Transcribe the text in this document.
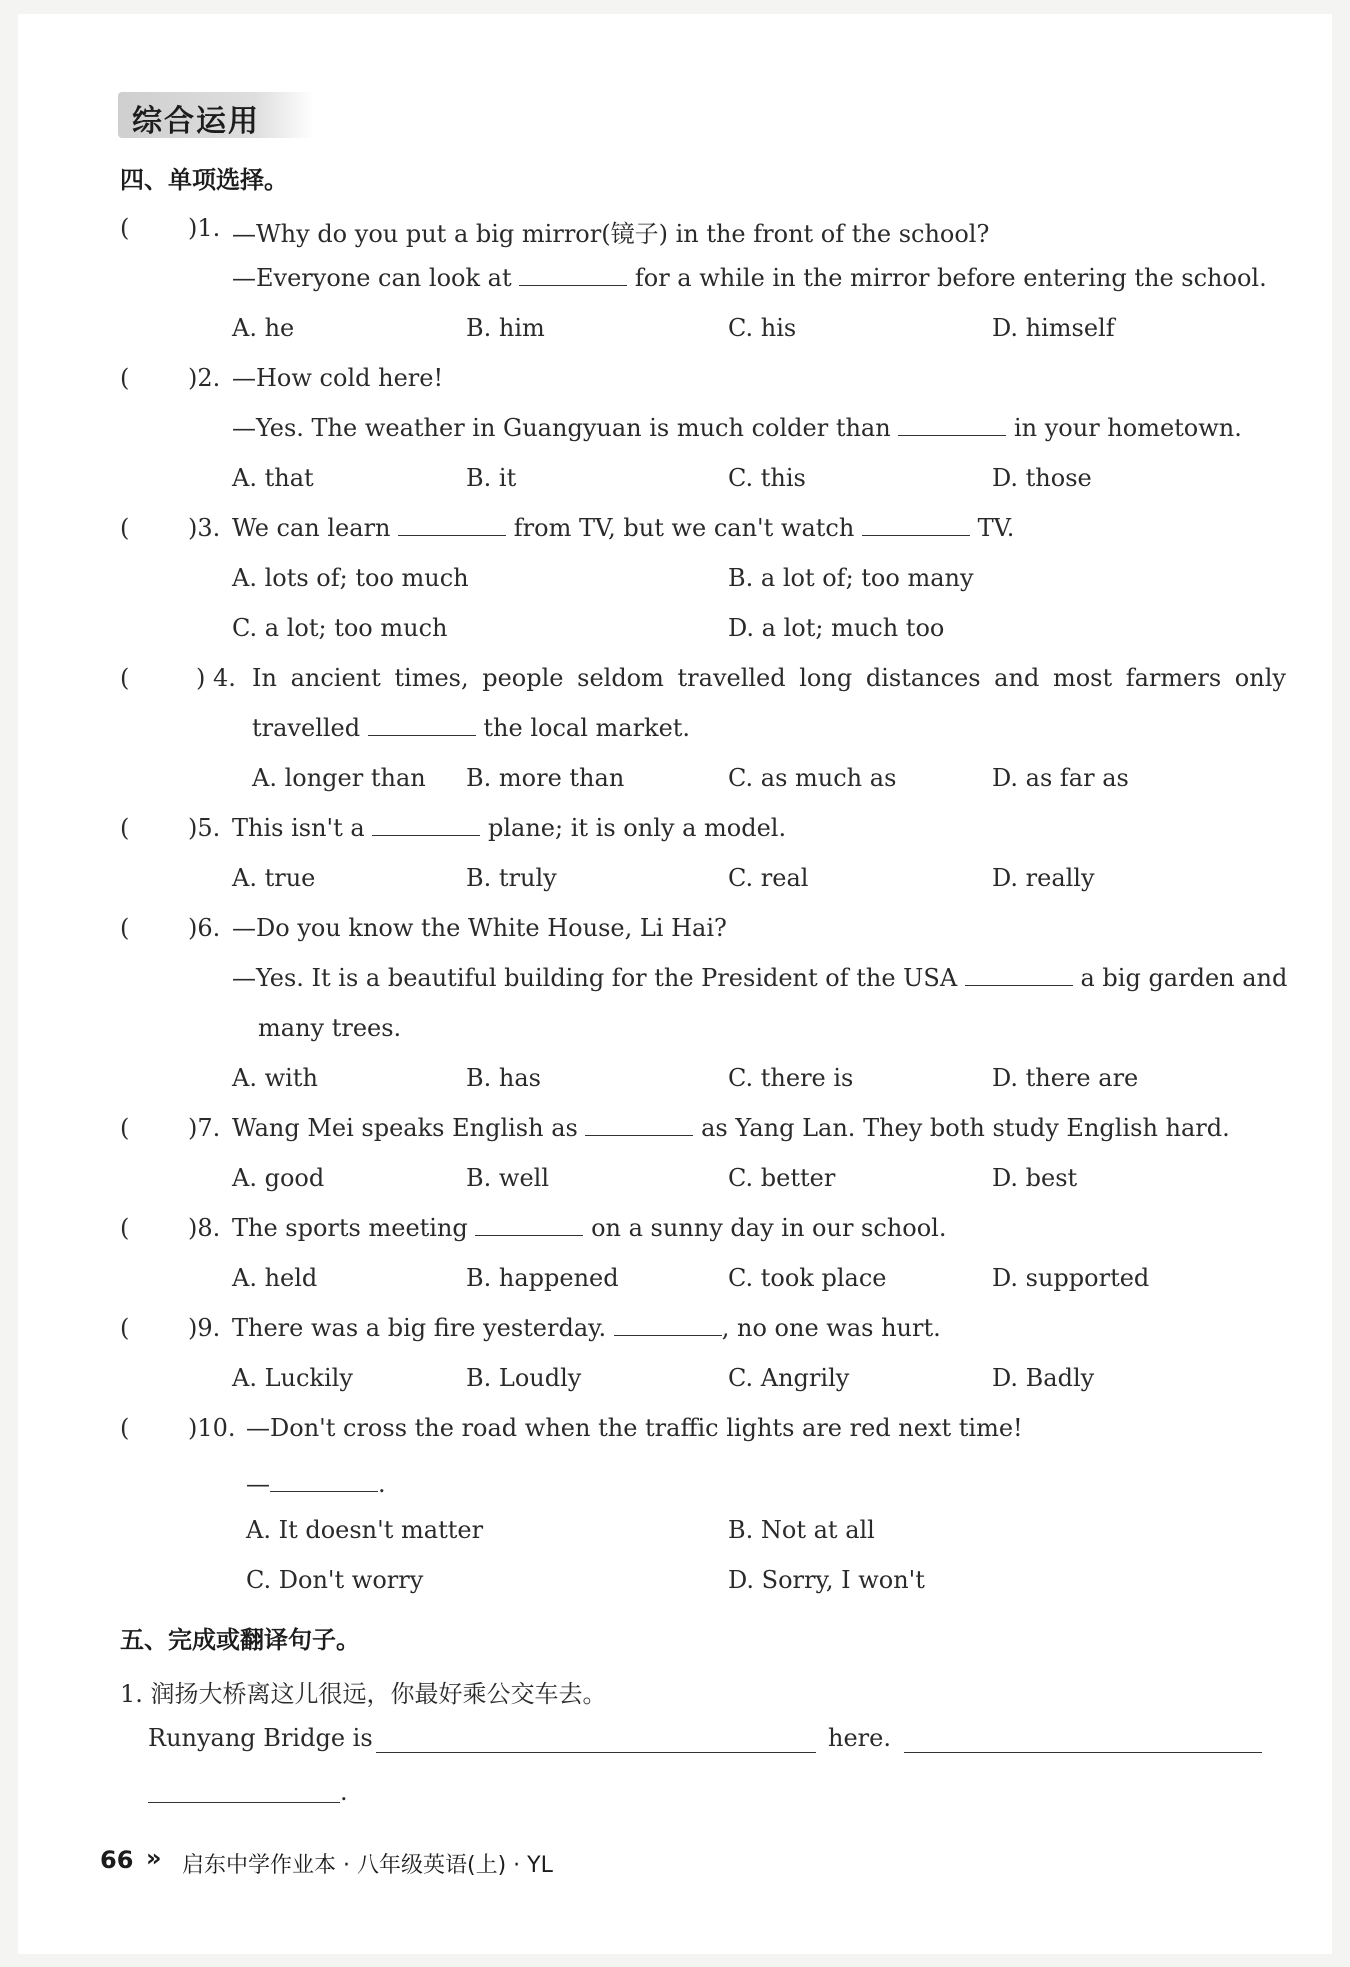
综合运用
四、单项选择。
( )1. —Why do you put a big mirror(镜子) in the front of the school?
—Everyone can look at	for a while in the mirror before entering the school.
A. he	B. him	C. his	D. himself
( )2. —How cold here!
—Yes. The weather in Guangyuan is much colder than	in your hometown.
A. that	B. it	C. this	D. those
( )3. We can learn	from TV, but we can't watch	TV.
A. lots of; too much	B. a lot of; too many
C. a lot; too much	D. a lot; much too
(	) 4. In ancient times, people seldom travelled long distances and most farmers only
travelled	the local market.
A. longer than B. more than	C. as much as	D. as far as
( )5. This isn't a	plane; it is only a model.
A. true	B. truly	C. real	D. really
( )6. —Do you know the White House, Li Hai?
—Yes. It is a beautiful building for the President of the USA	a big garden and
many trees.
A. with	B. has	C. there is	D. there are
( )7. Wang Mei speaks English as	as Yang Lan. They both study English hard.
A. good	B. well	C. better	D. best
( )8. The sports meeting	on a sunny day in our school.
A. held	B. happened	C. took place	D. supported
( )9. There was a big fire yesterday.	, no one was hurt.
A. Luckily	B. Loudly	C. Angrily	D. Badly
( )10. —Don't cross the road when the traffic lights are red next time!
—	.
A. It doesn't matter	B. Not at all
C. Don't worry	D. Sorry, I won't
五、完成或翻译句子。
1. 润扬大桥离这儿很远，你最好乘公交车去。
Runyang Bridge is	here.
.
66 » 启东中学作业本 · 八年级英语(上) · YL
